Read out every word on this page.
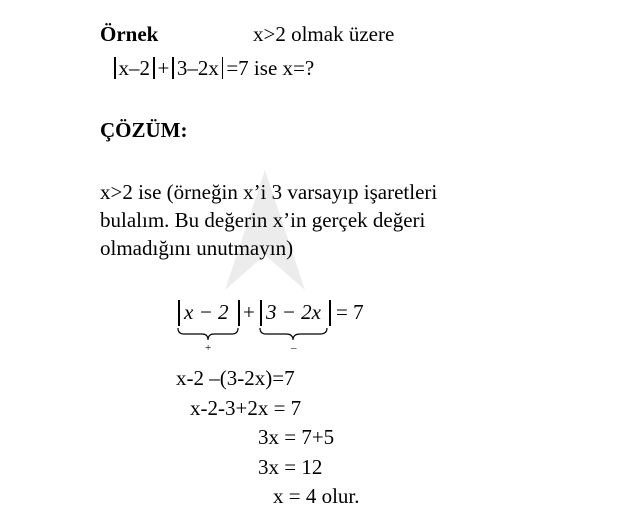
Örnek	x>2 olmak üzere
x–2 + 3–2x =7 ise x=?
ÇÖZÜM:
x>2 ise (örneğin x’i 3 varsayıp işaretleri
bulalım. Bu değerin x’in gerçek değeri
olmadığını unutmayın)
x − 2 + 3 − 2x = 7
+	–
x-2 –(3-2x)=7
x-2-3+2x = 7
3x = 7+5
3x = 12
x = 4 olur.
